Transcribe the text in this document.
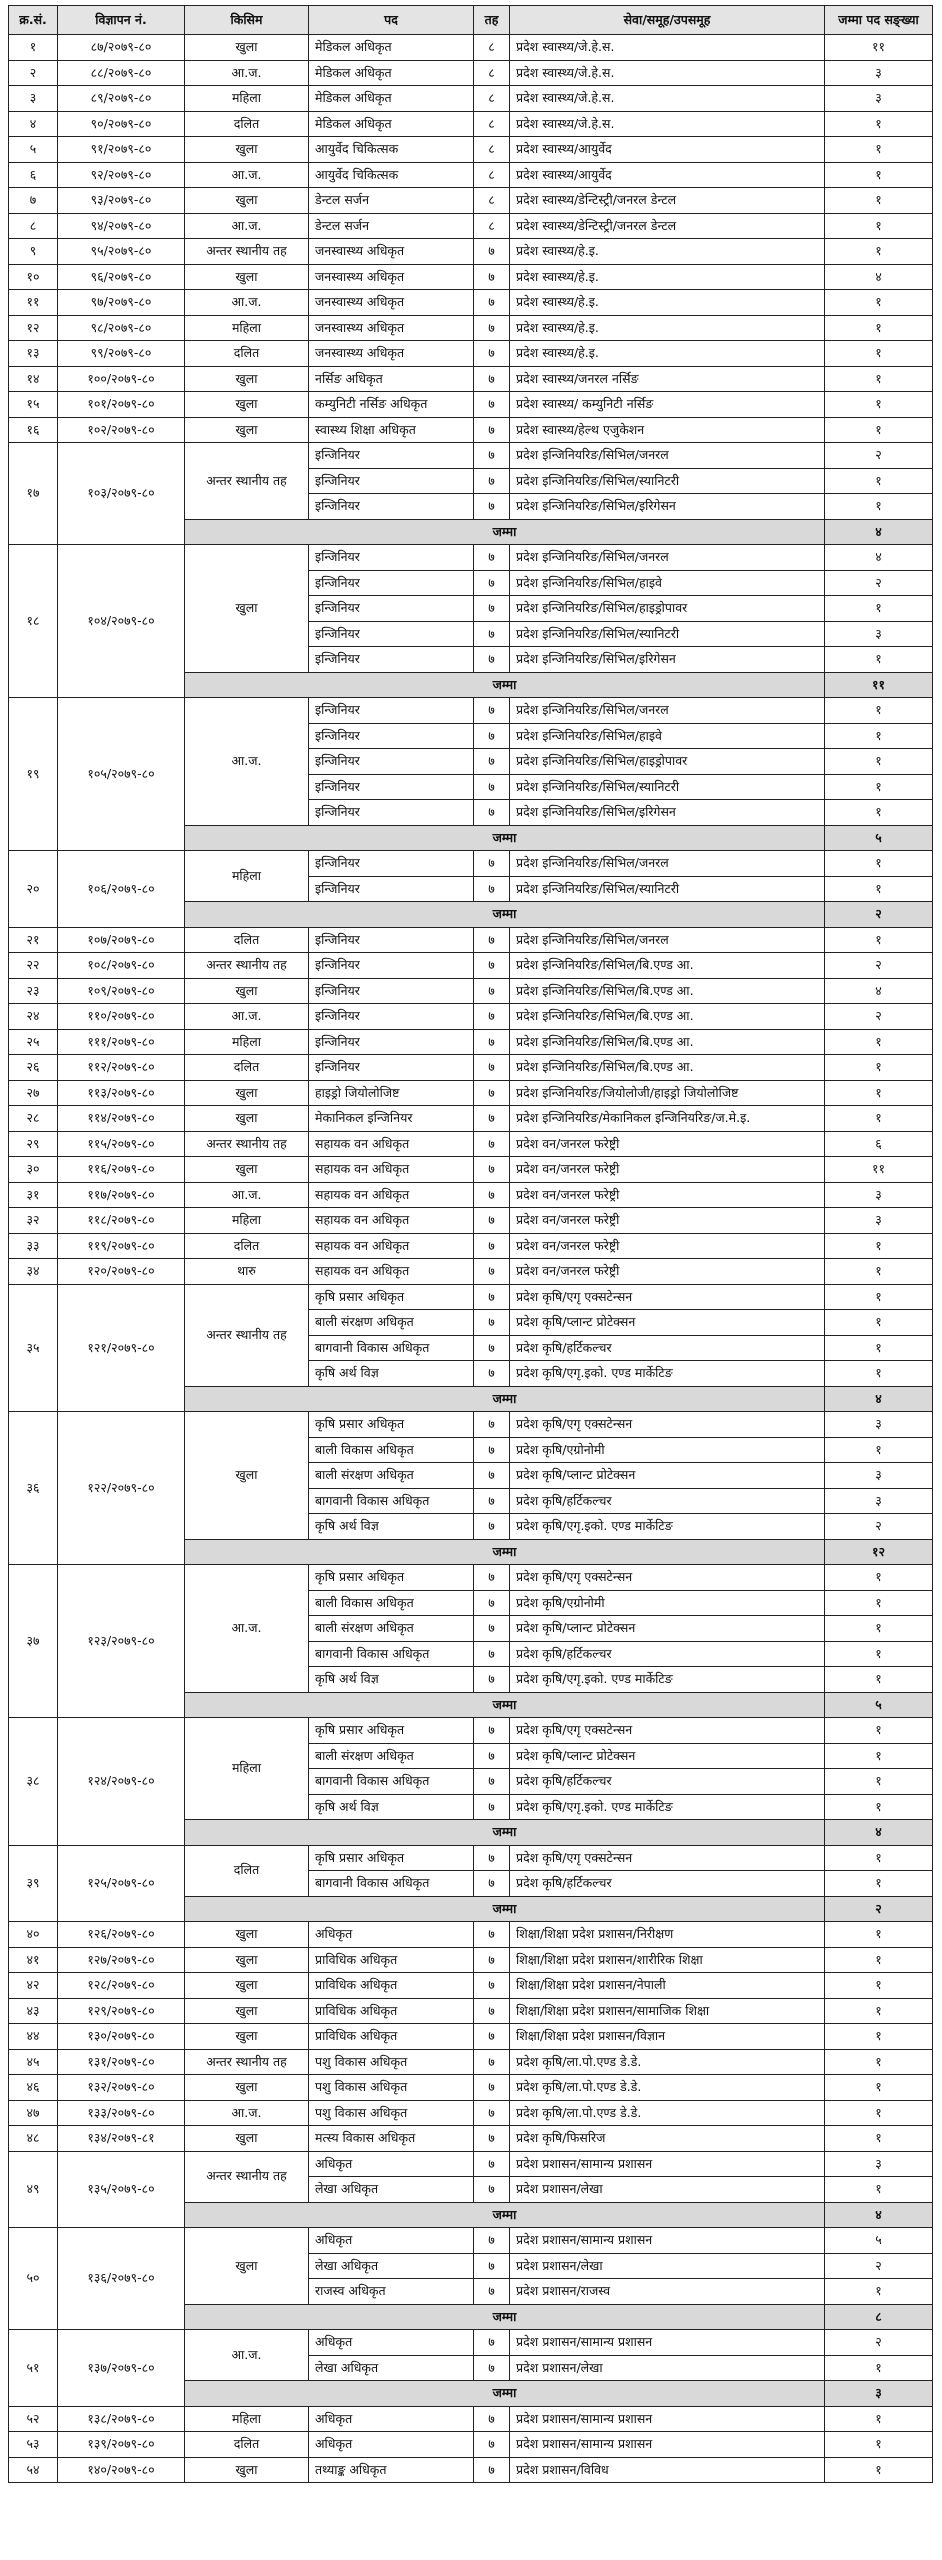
क्र.सं.	विज्ञापन नं.	किसिम	पद	तह	सेवा/समूह/उपसमूह	जम्मा पद सङ्ख्या
१	८७/२०७९-८०	खुला	मेडिकल अधिकृत	८	प्रदेश स्वास्थ्य/जे.हे.स.	११
२	८८/२०७९-८०	आ.ज.	मेडिकल अधिकृत	८	प्रदेश स्वास्थ्य/जे.हे.स.	३
३	८९/२०७९-८०	महिला	मेडिकल अधिकृत	८	प्रदेश स्वास्थ्य/जे.हे.स.	३
४	९०/२०७९-८०	दलित	मेडिकल अधिकृत	८	प्रदेश स्वास्थ्य/जे.हे.स.	१
५	९१/२०७९-८०	खुला	आयुर्वेद चिकित्सक	८	प्रदेश स्वास्थ्य/आयुर्वेद	१
६	९२/२०७९-८०	आ.ज.	आयुर्वेद चिकित्सक	८	प्रदेश स्वास्थ्य/आयुर्वेद	१
७	९३/२०७९-८०	खुला	डेन्टल सर्जन	८	प्रदेश स्वास्थ्य/डेन्टिस्ट्री/जनरल डेन्टल	१
८	९४/२०७९-८०	आ.ज.	डेन्टल सर्जन	८	प्रदेश स्वास्थ्य/डेन्टिस्ट्री/जनरल डेन्टल	१
९	९५/२०७९-८०	अन्तर स्थानीय तह	जनस्वास्थ्य अधिकृत	७	प्रदेश स्वास्थ्य/हे.इ.	१
१०	९६/२०७९-८०	खुला	जनस्वास्थ्य अधिकृत	७	प्रदेश स्वास्थ्य/हे.इ.	४
११	९७/२०७९-८०	आ.ज.	जनस्वास्थ्य अधिकृत	७	प्रदेश स्वास्थ्य/हे.इ.	१
१२	९८/२०७९-८०	महिला	जनस्वास्थ्य अधिकृत	७	प्रदेश स्वास्थ्य/हे.इ.	१
१३	९९/२०७९-८०	दलित	जनस्वास्थ्य अधिकृत	७	प्रदेश स्वास्थ्य/हे.इ.	१
१४	१००/२०७९-८०	खुला	नर्सिङ अधिकृत	७	प्रदेश स्वास्थ्य/जनरल नर्सिङ	१
१५	१०१/२०७९-८०	खुला	कम्युनिटी नर्सिङ अधिकृत	७	प्रदेश स्वास्थ्य/ कम्युनिटी नर्सिङ	१
१६	१०२/२०७९-८०	खुला	स्वास्थ्य शिक्षा अधिकृत	७	प्रदेश स्वास्थ्य/हेल्थ एजुकेशन	१
१७	१०३/२०७९-८०	अन्तर स्थानीय तह	इन्जिनियर	७	प्रदेश इन्जिनियरिङ/सिभिल/जनरल	२
			इन्जिनियर	७	प्रदेश इन्जिनियरिङ/सिभिल/स्यानिटरी	१
			इन्जिनियर	७	प्रदेश इन्जिनियरिङ/सिभिल/इरिगेसन	१
		जम्मा				४
१८	१०४/२०७९-८०	खुला	इन्जिनियर	७	प्रदेश इन्जिनियरिङ/सिभिल/जनरल	४
			इन्जिनियर	७	प्रदेश इन्जिनियरिङ/सिभिल/हाइवे	२
			इन्जिनियर	७	प्रदेश इन्जिनियरिङ/सिभिल/हाइड्रोपावर	१
			इन्जिनियर	७	प्रदेश इन्जिनियरिङ/सिभिल/स्यानिटरी	३
			इन्जिनियर	७	प्रदेश इन्जिनियरिङ/सिभिल/इरिगेसन	१
		जम्मा				११
१९	१०५/२०७९-८०	आ.ज.	इन्जिनियर	७	प्रदेश इन्जिनियरिङ/सिभिल/जनरल	१
			इन्जिनियर	७	प्रदेश इन्जिनियरिङ/सिभिल/हाइवे	१
			इन्जिनियर	७	प्रदेश इन्जिनियरिङ/सिभिल/हाइड्रोपावर	१
			इन्जिनियर	७	प्रदेश इन्जिनियरिङ/सिभिल/स्यानिटरी	१
			इन्जिनियर	७	प्रदेश इन्जिनियरिङ/सिभिल/इरिगेसन	१
		जम्मा				५
२०	१०६/२०७९-८०	महिला	इन्जिनियर	७	प्रदेश इन्जिनियरिङ/सिभिल/जनरल	१
			इन्जिनियर	७	प्रदेश इन्जिनियरिङ/सिभिल/स्यानिटरी	१
		जम्मा				२
२१	१०७/२०७९-८०	दलित	इन्जिनियर	७	प्रदेश इन्जिनियरिङ/सिभिल/जनरल	१
२२	१०८/२०७९-८०	अन्तर स्थानीय तह	इन्जिनियर	७	प्रदेश इन्जिनियरिङ/सिभिल/बि.एण्ड आ.	२
२३	१०९/२०७९-८०	खुला	इन्जिनियर	७	प्रदेश इन्जिनियरिङ/सिभिल/बि.एण्ड आ.	४
२४	११०/२०७९-८०	आ.ज.	इन्जिनियर	७	प्रदेश इन्जिनियरिङ/सिभिल/बि.एण्ड आ.	२
२५	१११/२०७९-८०	महिला	इन्जिनियर	७	प्रदेश इन्जिनियरिङ/सिभिल/बि.एण्ड आ.	१
२६	११२/२०७९-८०	दलित	इन्जिनियर	७	प्रदेश इन्जिनियरिङ/सिभिल/बि.एण्ड आ.	१
२७	११३/२०७९-८०	खुला	हाइड्रो जियोलोजिष्ट	७	प्रदेश इन्जिनियरिङ/जियोलोजी/हाइड्रो जियोलोजिष्ट	१
२८	११४/२०७९-८०	खुला	मेकानिकल इन्जिनियर	७	प्रदेश इन्जिनियरिङ/मेकानिकल इन्जिनियरिङ/ज.मे.इ.	१
२९	११५/२०७९-८०	अन्तर स्थानीय तह	सहायक वन अधिकृत	७	प्रदेश वन/जनरल फरेष्ट्री	६
३०	११६/२०७९-८०	खुला	सहायक वन अधिकृत	७	प्रदेश वन/जनरल फरेष्ट्री	११
३१	११७/२०७९-८०	आ.ज.	सहायक वन अधिकृत	७	प्रदेश वन/जनरल फरेष्ट्री	३
३२	११८/२०७९-८०	महिला	सहायक वन अधिकृत	७	प्रदेश वन/जनरल फरेष्ट्री	३
३३	११९/२०७९-८०	दलित	सहायक वन अधिकृत	७	प्रदेश वन/जनरल फरेष्ट्री	१
३४	१२०/२०७९-८०	थारु	सहायक वन अधिकृत	७	प्रदेश वन/जनरल फरेष्ट्री	१
३५	१२१/२०७९-८०	अन्तर स्थानीय तह	कृषि प्रसार अधिकृत	७	प्रदेश कृषि/एगृ एक्सटेन्सन	१
			बाली संरक्षण अधिकृत	७	प्रदेश कृषि/प्लान्ट प्रोटेक्सन	१
			बागवानी विकास अधिकृत	७	प्रदेश कृषि/हर्टिकल्चर	१
			कृषि अर्थ विज्ञ	७	प्रदेश कृषि/एगृ.इको. एण्ड मार्केटिङ	१
		जम्मा				४
३६	१२२/२०७९-८०	खुला	कृषि प्रसार अधिकृत	७	प्रदेश कृषि/एगृ एक्सटेन्सन	३
			बाली विकास अधिकृत	७	प्रदेश कृषि/एग्रोनोमी	१
			बाली संरक्षण अधिकृत	७	प्रदेश कृषि/प्लान्ट प्रोटेक्सन	३
			बागवानी विकास अधिकृत	७	प्रदेश कृषि/हर्टिकल्चर	३
			कृषि अर्थ विज्ञ	७	प्रदेश कृषि/एगृ.इको. एण्ड मार्केटिङ	२
		जम्मा				१२
३७	१२३/२०७९-८०	आ.ज.	कृषि प्रसार अधिकृत	७	प्रदेश कृषि/एगृ एक्सटेन्सन	१
			बाली विकास अधिकृत	७	प्रदेश कृषि/एग्रोनोमी	१
			बाली संरक्षण अधिकृत	७	प्रदेश कृषि/प्लान्ट प्रोटेक्सन	१
			बागवानी विकास अधिकृत	७	प्रदेश कृषि/हर्टिकल्चर	१
			कृषि अर्थ विज्ञ	७	प्रदेश कृषि/एगृ.इको. एण्ड मार्केटिङ	१
		जम्मा				५
३८	१२४/२०७९-८०	महिला	कृषि प्रसार अधिकृत	७	प्रदेश कृषि/एगृ एक्सटेन्सन	१
			बाली संरक्षण अधिकृत	७	प्रदेश कृषि/प्लान्ट प्रोटेक्सन	१
			बागवानी विकास अधिकृत	७	प्रदेश कृषि/हर्टिकल्चर	१
			कृषि अर्थ विज्ञ	७	प्रदेश कृषि/एगृ.इको. एण्ड मार्केटिङ	१
		जम्मा				४
३९	१२५/२०७९-८०	दलित	कृषि प्रसार अधिकृत	७	प्रदेश कृषि/एगृ एक्सटेन्सन	१
			बागवानी विकास अधिकृत	७	प्रदेश कृषि/हर्टिकल्चर	१
		जम्मा				२
४०	१२६/२०७९-८०	खुला	अधिकृत	७	शिक्षा/शिक्षा प्रदेश प्रशासन/निरीक्षण	१
४१	१२७/२०७९-८०	खुला	प्राविधिक अधिकृत	७	शिक्षा/शिक्षा प्रदेश प्रशासन/शारीरिक शिक्षा	१
४२	१२८/२०७९-८०	खुला	प्राविधिक अधिकृत	७	शिक्षा/शिक्षा प्रदेश प्रशासन/नेपाली	१
४३	१२९/२०७९-८०	खुला	प्राविधिक अधिकृत	७	शिक्षा/शिक्षा प्रदेश प्रशासन/सामाजिक शिक्षा	१
४४	१३०/२०७९-८०	खुला	प्राविधिक अधिकृत	७	शिक्षा/शिक्षा प्रदेश प्रशासन/विज्ञान	१
४५	१३१/२०७९-८०	अन्तर स्थानीय तह	पशु विकास अधिकृत	७	प्रदेश कृषि/ला.पो.एण्ड डे.डे.	१
४६	१३२/२०७९-८०	खुला	पशु विकास अधिकृत	७	प्रदेश कृषि/ला.पो.एण्ड डे.डे.	१
४७	१३३/२०७९-८०	आ.ज.	पशु विकास अधिकृत	७	प्रदेश कृषि/ला.पो.एण्ड डे.डे.	१
४८	१३४/२०७९-८१	खुला	मत्स्य विकास अधिकृत	७	प्रदेश कृषि/फिसरिज	१
४९	१३५/२०७९-८०	अन्तर स्थानीय तह	अधिकृत	७	प्रदेश प्रशासन/सामान्य प्रशासन	३
			लेखा अधिकृत	७	प्रदेश प्रशासन/लेखा	१
		जम्मा				४
५०	१३६/२०७९-८०	खुला	अधिकृत	७	प्रदेश प्रशासन/सामान्य प्रशासन	५
			लेखा अधिकृत	७	प्रदेश प्रशासन/लेखा	२
			राजस्व अधिकृत	७	प्रदेश प्रशासन/राजस्व	१
		जम्मा				८
५१	१३७/२०७९-८०	आ.ज.	अधिकृत	७	प्रदेश प्रशासन/सामान्य प्रशासन	२
			लेखा अधिकृत	७	प्रदेश प्रशासन/लेखा	१
		जम्मा				३
५२	१३८/२०७९-८०	महिला	अधिकृत	७	प्रदेश प्रशासन/सामान्य प्रशासन	१
५३	१३९/२०७९-८०	दलित	अधिकृत	७	प्रदेश प्रशासन/सामान्य प्रशासन	१
५४	१४०/२०७९-८०	खुला	तथ्याङ्क अधिकृत	७	प्रदेश प्रशासन/विविध	१
